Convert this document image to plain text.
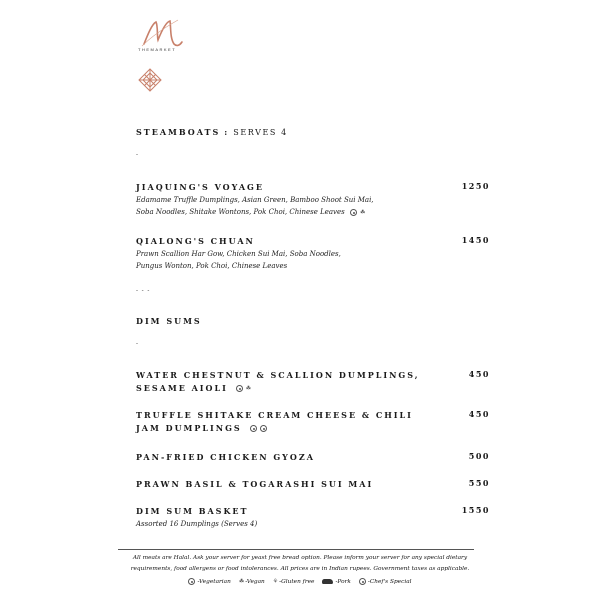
THEMARKET
STEAMBOATS : SERVES 4
-
JIAQUING'S VOYAGE	1250
Edamame Truffle Dumplings, Asian Green, Bamboo Shoot Sui Mai,
Soba Noodles, Shitake Wontons, Pok Choi, Chinese Leaves	☘
QIALONG'S CHUAN	1450
Prawn Scallion Har Gow, Chicken Sui Mai, Soba Noodles,
Pungus Wonton, Pok Choi, Chinese Leaves
- - -
DIM SUMS
-
WATER CHESTNUT & SCALLION DUMPLINGS,	450
SESAME AIOLI	☘
TRUFFLE SHITAKE CREAM CHEESE & CHILI	450
JAM DUMPLINGS
PAN-FRIED CHICKEN GYOZA	500
PRAWN BASIL & TOGARASHI SUI MAI	550
DIM SUM BASKET	1550
Assorted 16 Dumplings (Serves 4)
All meats are Halal. Ask your server for yeast free bread option. Please inform your server for any special dietary
requirements, food allergens or food intolerances. All prices are in Indian rupees. Government taxes as applicable.
-Vegetarian ☘-Vegan ⚘-Gluten free	-Pork	-Chef's Special
